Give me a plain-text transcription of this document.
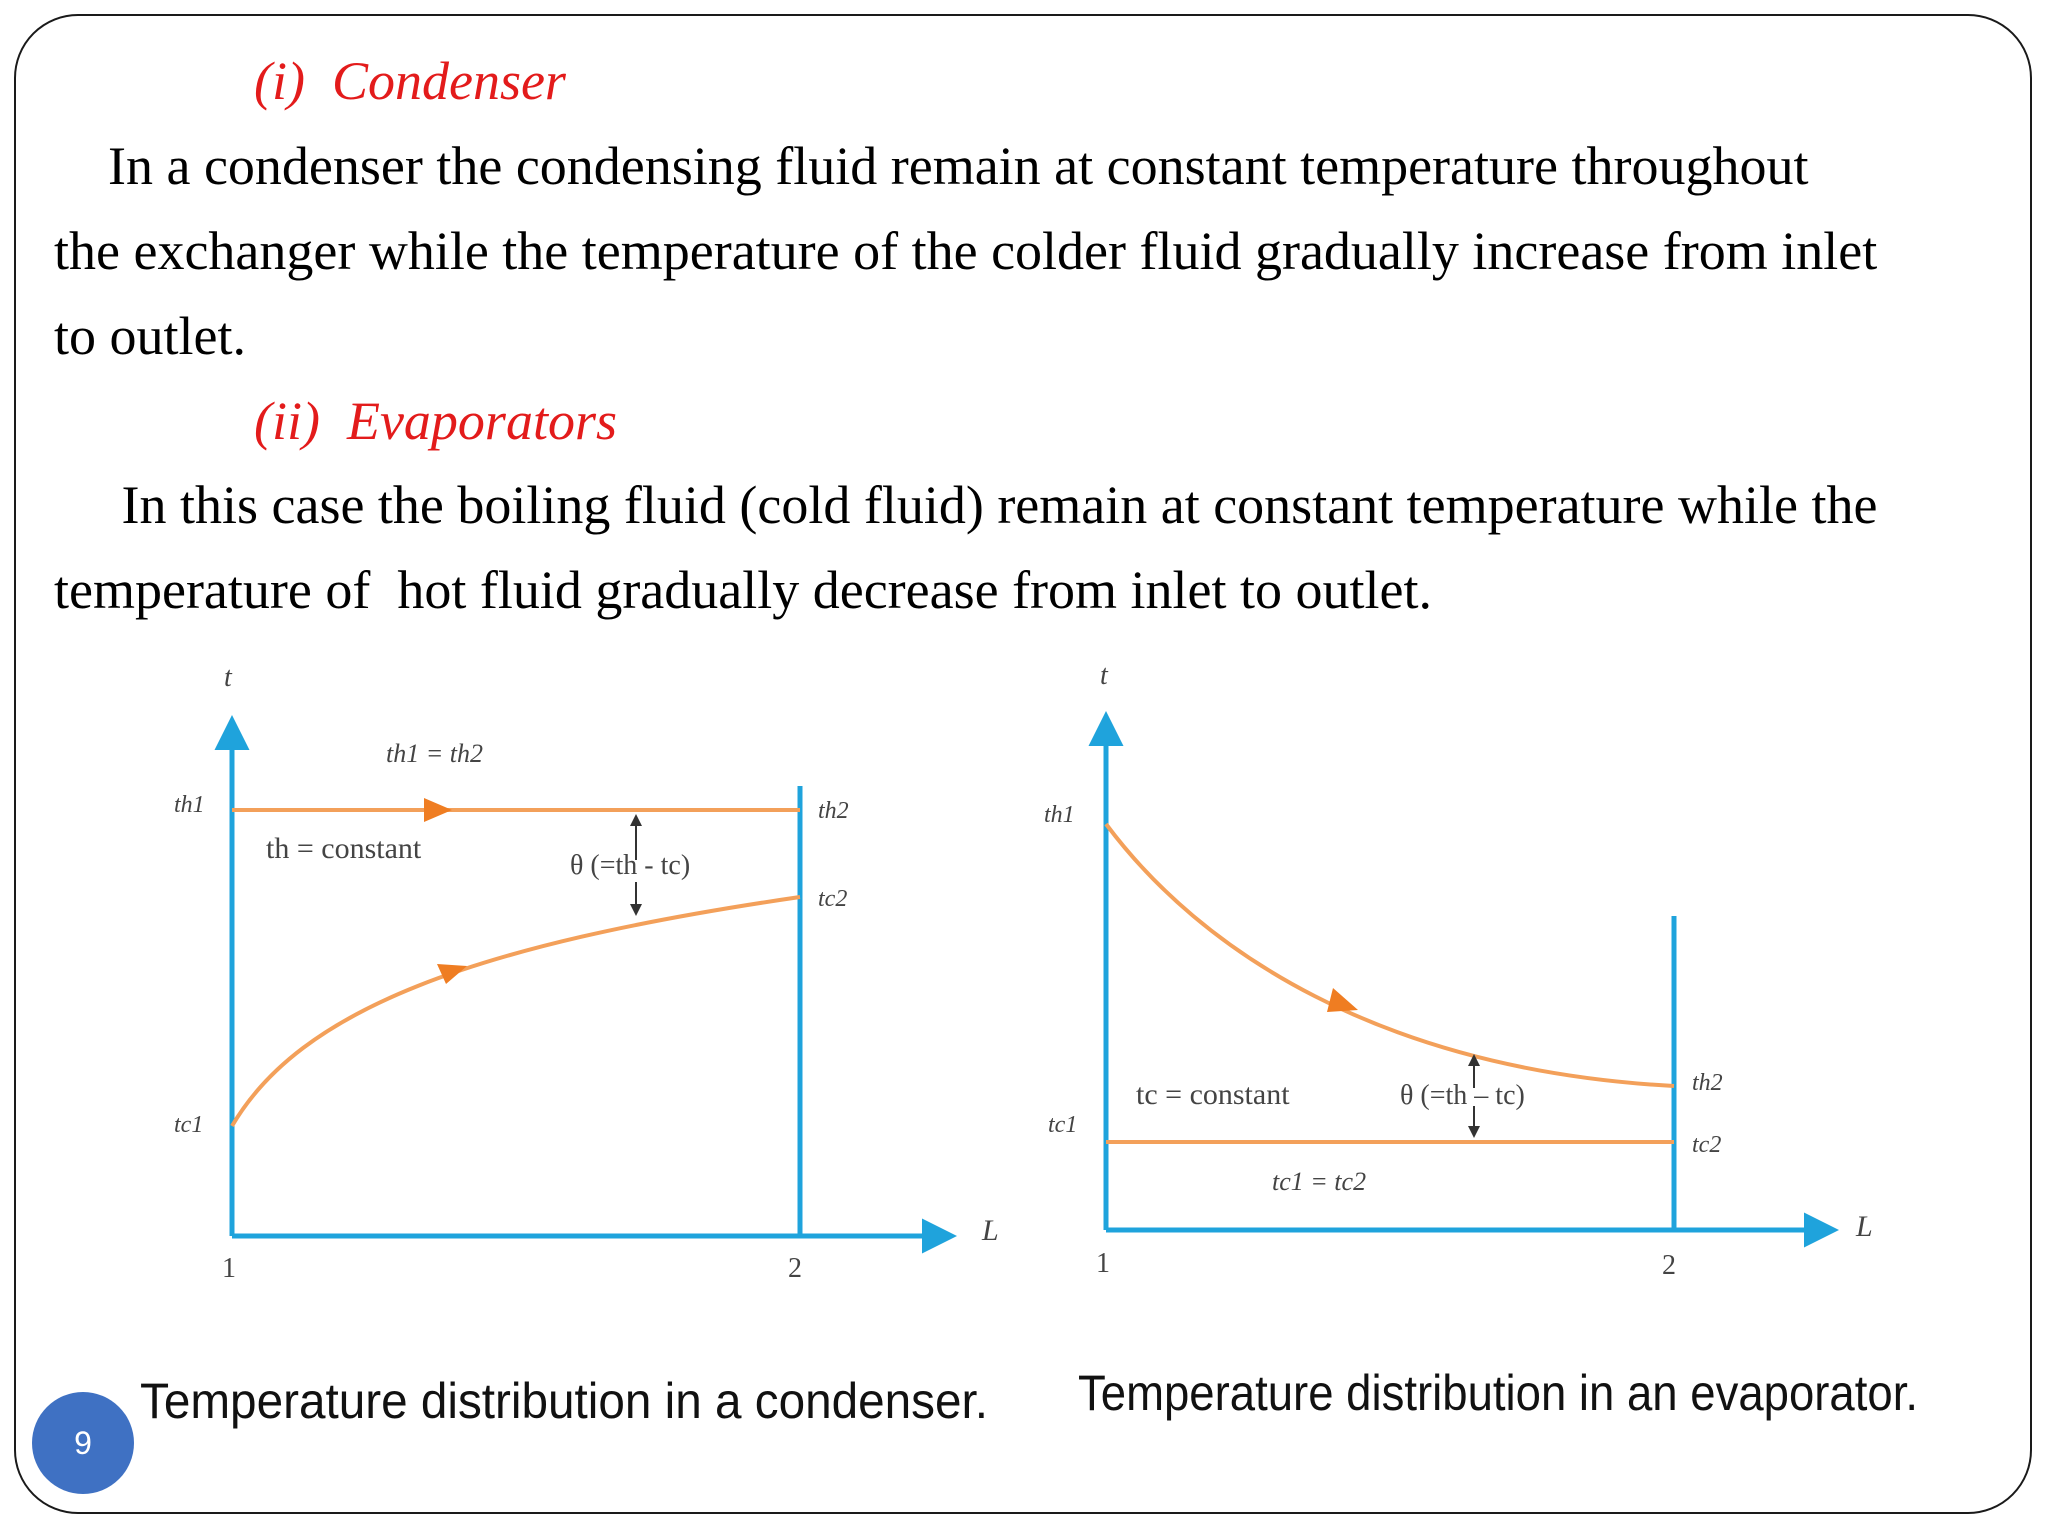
(i)  Condenser
In a condenser the condensing fluid remain at constant temperature throughout
the exchanger while the temperature of the colder fluid gradually increase from inlet
to outlet.
(ii)  Evaporators
In this case the boiling fluid (cold fluid) remain at constant temperature while the
temperature of  hot fluid gradually decrease from inlet to outlet.
t
L
1	2
th1	th2
th1 = th2
th = constant
θ (=th - tc)
tc1
tc2
Temperature distribution in a condenser.
t
L
1	2
th1
th2
tc = constant	θ (=th – tc)
tc1
tc2
tc1 = tc2
Temperature distribution in an evaporator.
9
